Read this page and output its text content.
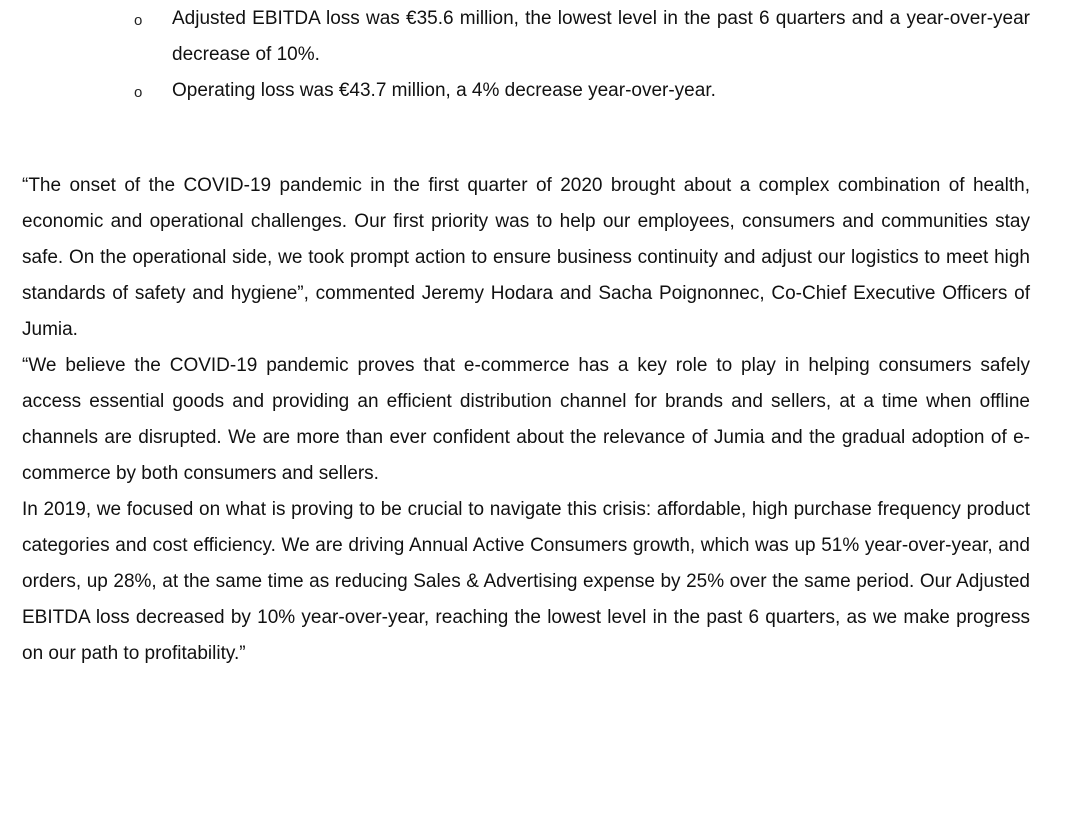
o Adjusted EBITDA loss was €35.6 million, the lowest level in the past 6 quarters and a year-over-year decrease of 10%.
o Operating loss was €43.7 million, a 4% decrease year-over-year.

“The onset of the COVID-19 pandemic in the first quarter of 2020 brought about a complex combination of health, economic and operational challenges. Our first priority was to help our employees, consumers and communities stay safe. On the operational side, we took prompt action to ensure business continuity and adjust our logistics to meet high standards of safety and hygiene”, commented Jeremy Hodara and Sacha Poignonnec, Co-Chief Executive Officers of Jumia.

“We believe the COVID-19 pandemic proves that e-commerce has a key role to play in helping consumers safely access essential goods and providing an efficient distribution channel for brands and sellers, at a time when offline channels are disrupted. We are more than ever confident about the relevance of Jumia and the gradual adoption of e-commerce by both consumers and sellers.

In 2019, we focused on what is proving to be crucial to navigate this crisis: affordable, high purchase frequency product categories and cost efficiency. We are driving Annual Active Consumers growth, which was up 51% year-over-year, and orders, up 28%, at the same time as reducing Sales & Advertising expense by 25% over the same period. Our Adjusted EBITDA loss decreased by 10% year-over-year, reaching the lowest level in the past 6 quarters, as we make progress on our path to profitability.”
